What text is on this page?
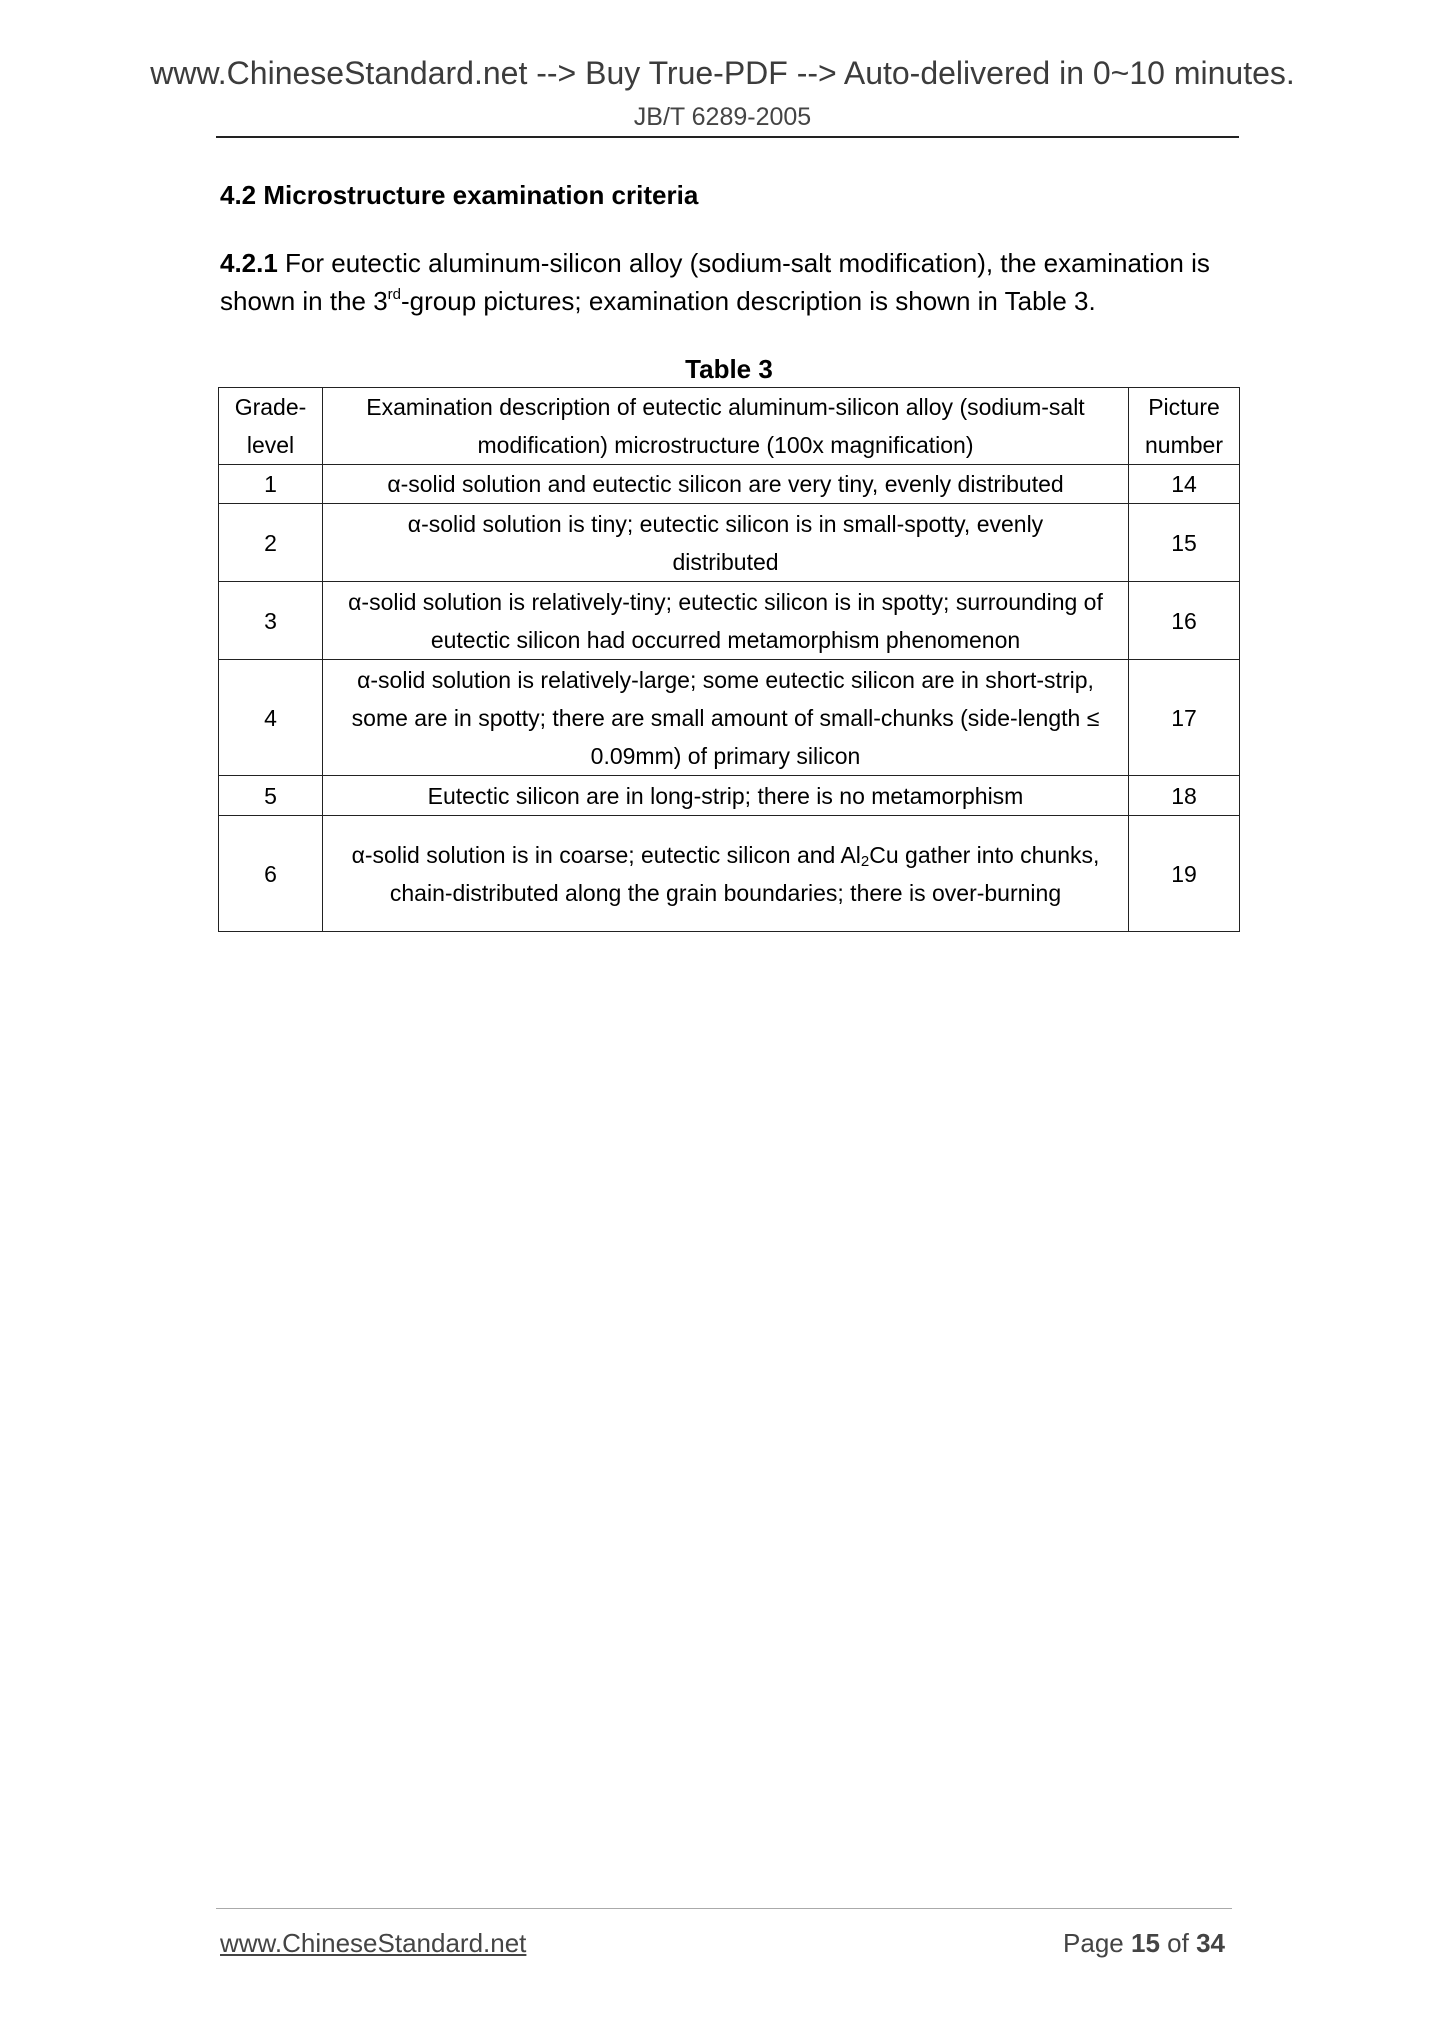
www.ChineseStandard.net --> Buy True-PDF --> Auto-delivered in 0~10 minutes.
JB/T 6289-2005
4.2 Microstructure examination criteria
4.2.1 For eutectic aluminum-silicon alloy (sodium-salt modification), the examination is shown in the 3rd-group pictures; examination description is shown in Table 3.
Table 3
Grade-level	Examination description of eutectic aluminum-silicon alloy (sodium-salt modification) microstructure (100x magnification)	Picture number
1	α-solid solution and eutectic silicon are very tiny, evenly distributed	14
2	α-solid solution is tiny; eutectic silicon is in small-spotty, evenly distributed	15
3	α-solid solution is relatively-tiny; eutectic silicon is in spotty; surrounding of eutectic silicon had occurred metamorphism phenomenon	16
4	α-solid solution is relatively-large; some eutectic silicon are in short-strip, some are in spotty; there are small amount of small-chunks (side-length ≤ 0.09mm) of primary silicon	17
5	Eutectic silicon are in long-strip; there is no metamorphism	18
6	α-solid solution is in coarse; eutectic silicon and $Al_2Cu$ gather into chunks, chain-distributed along the grain boundaries; there is over-burning	19
www.ChineseStandard.net	Page 15 of 34
